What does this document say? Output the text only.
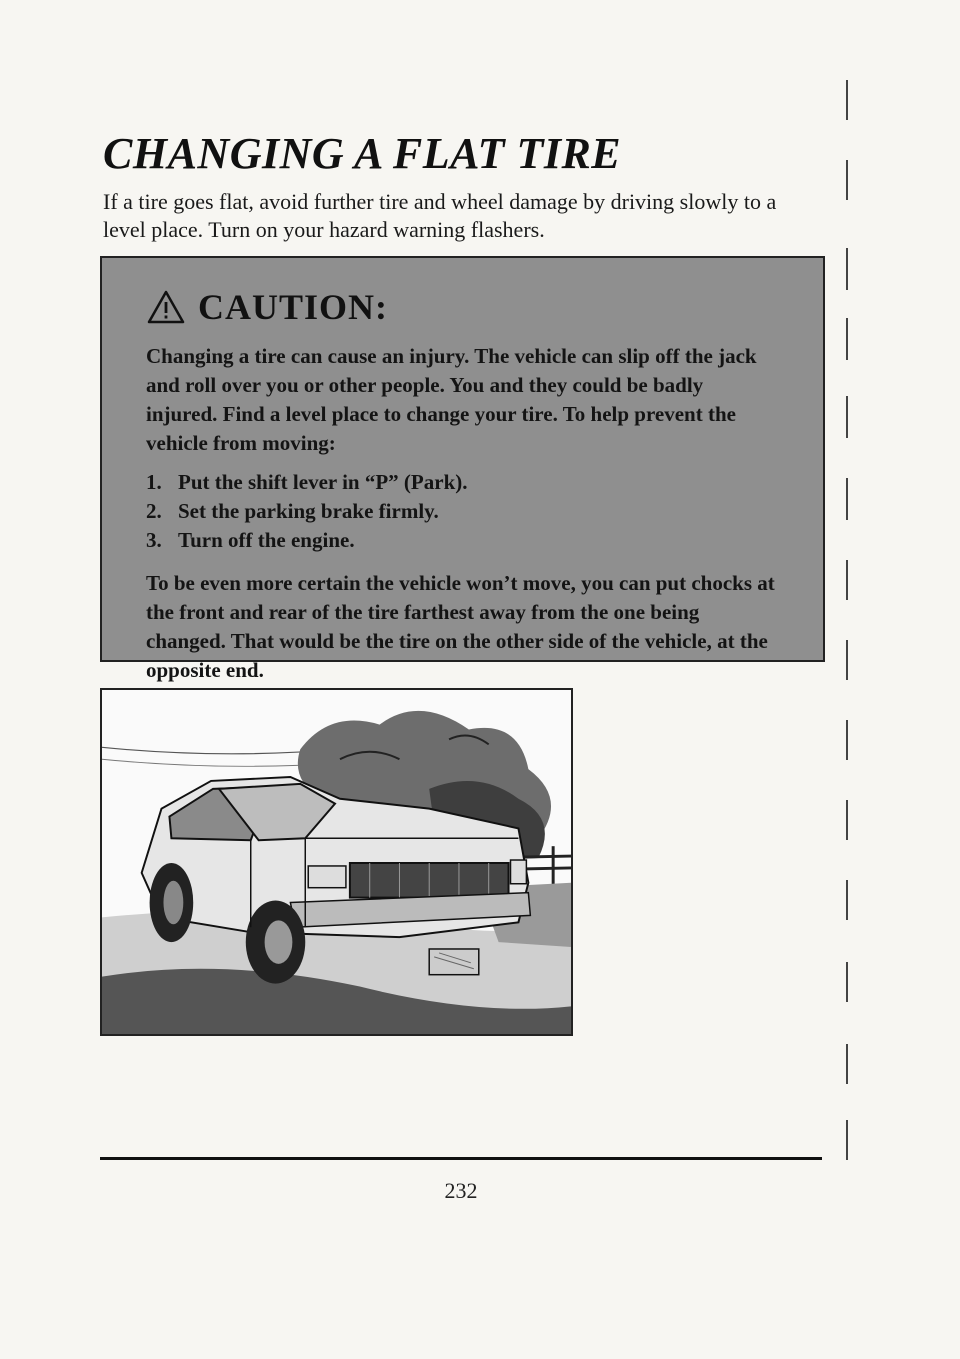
CHANGING A FLAT TIRE

If a tire goes flat, avoid further tire and wheel damage by driving slowly to a level place. Turn on your hazard warning flashers.

CAUTION:

Changing a tire can cause an injury. The vehicle can slip off the jack and roll over you or other people. You and they could be badly injured. Find a level place to change your tire. To help prevent the vehicle from moving:

1. Put the shift lever in “P” (Park).
2. Set the parking brake firmly.
3. Turn off the engine.

To be even more certain the vehicle won’t move, you can put chocks at the front and rear of the tire farthest away from the one being changed. That would be the tire on the other side of the vehicle, at the opposite end.

232
